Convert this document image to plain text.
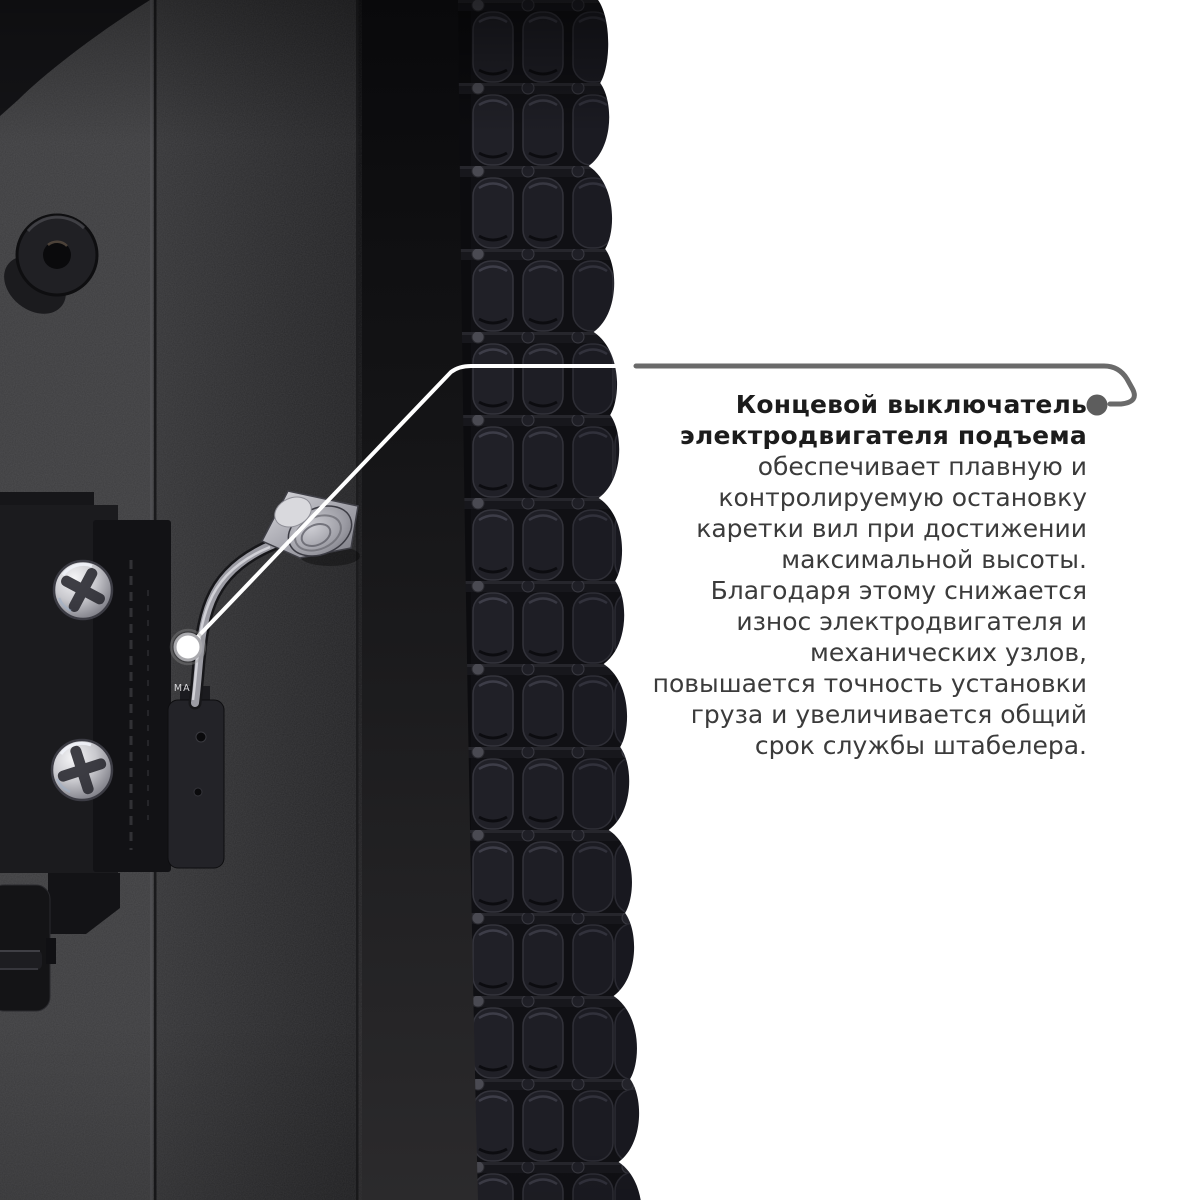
MAX
Концевой выключатель
электродвигателя подъема
обеспечивает плавную и
контролируемую остановку
каретки вил при достижении
максимальной высоты.
Благодаря этому снижается
износ электродвигателя и
механических узлов,
повышается точность установки
груза и увеличивается общий
срок службы штабелера.
